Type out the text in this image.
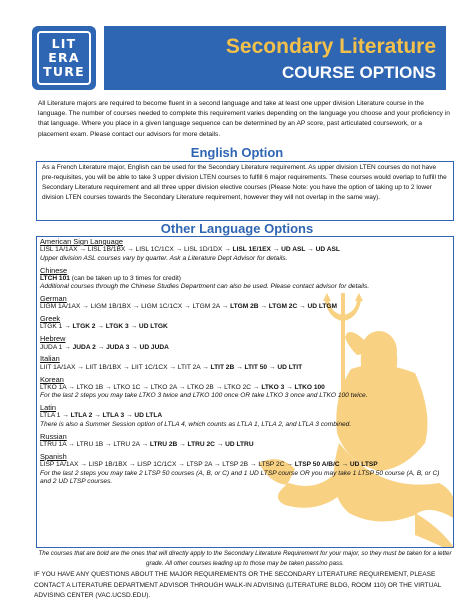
LIT
ERA
TURE
Secondary Literature
COURSE OPTIONS

All Literature majors are required to become fluent in a second language and take at least one upper division Literature course in the language. The number of courses needed to complete this requirement varies depending on the language you choose and your proficiency in that language. Where you place in a given language sequence can be determined by an AP score, past articulated coursework, or a placement exam. Please contact our advisors for more details.

English Option

As a French Literature major, English can be used for the Secondary Literature requirement. As upper division LTEN courses do not have pre-requisites, you will be able to take 3 upper division LTEN courses to fulfill 6 major requirements. These courses would overlap to fulfill the Secondary Literature requirement and all three upper division elective courses (Please Note: you have the option of taking up to 2 lower division LTEN courses towards the Secondary Literature requirement, however they will not overlap in the same way).

Other Language Options
American Sign Language
LISL 1A/1AX → LISL 1B/1BX → LISL 1C/1CX → LISL 1D/1DX → LISL 1E/1EX → UD ASL → UD ASL
Upper division ASL courses vary by quarter. Ask a Literature Dept Advisor for details.
Chinese
LTCH 101 (can be taken up to 3 times for credit)
Additional courses through the Chinese Studies Department can also be used. Please contact advisor for details.
German
LIGM 1A/1AX → LIGM 1B/1BX → LIGM 1C/1CX → LTGM 2A → LTGM 2B → LTGM 2C → UD LTGM
Greek
LTGK 1 → LTGK 2 → LTGK 3 → UD LTGK
Hebrew
JUDA 1 → JUDA 2 → JUDA 3 → UD JUDA
Italian
LIIT 1A/1AX → LIIT 1B/1BX → LIIT 1C/1CX → LTIT 2A → LTIT 2B → LTIT 50 → UD LTIT
Korean
LTKO 1A → LTKO 1B → LTKO 1C → LTKO 2A → LTKO 2B → LTKO 2C → LTKO 3 → LTKO 100
For the last 2 steps you may take LTKO 3 twice and LTKO 100 once OR take LTKO 3 once and LTKO 100 twice.
Latin
LTLA 1 → LTLA 2 → LTLA 3 → UD LTLA
There is also a Summer Session option of LTLA 4, which counts as LTLA 1, LTLA 2, and LTLA 3 combined.
Russian
LTRU 1A → LTRU 1B → LTRU 2A → LTRU 2B → LTRU 2C → UD LTRU
Spanish
LISP 1A/1AX → LISP 1B/1BX → LISP 1C/1CX → LTSP 2A → LTSP 2B → LTSP 2C → LTSP 50 A/B/C → UD LTSP
For the last 2 steps you may take 2 LTSP 50 courses (A, B, or C) and 1 UD LTSP course OR you may take 1 LTSP 50 course (A, B, or C) and 2 UD LTSP courses.

The courses that are bold are the ones that will directly apply to the Secondary Literature Requirement for your major, so they must be taken for a letter grade. All other courses leading up to those may be taken pass/no pass.

IF YOU HAVE ANY QUESTIONS ABOUT THE MAJOR REQUIREMENTS OR THE SECONDARY LITERATURE REQUIREMENT, PLEASE CONTACT A LITERATURE DEPARTMENT ADVISOR THROUGH WALK-IN ADVISING (LITERATURE BLDG, ROOM 110) OR THE VIRTUAL ADVISING CENTER (VAC.UCSD.EDU).
